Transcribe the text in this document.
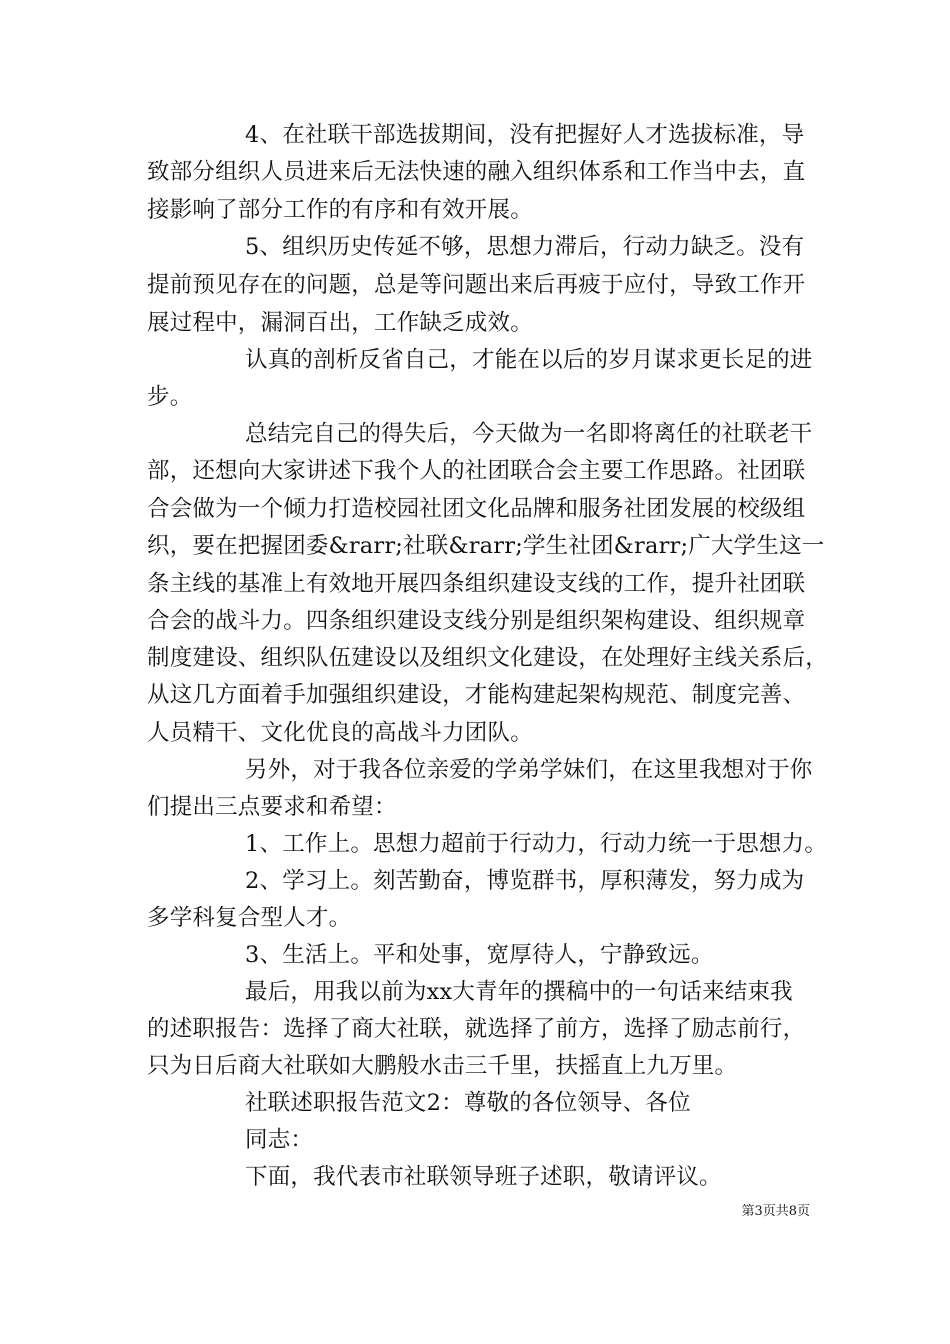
4、在社联干部选拔期间，没有把握好人才选拔标准，导
致部分组织人员进来后无法快速的融入组织体系和工作当中去，直
接影响了部分工作的有序和有效开展。
5、组织历史传延不够，思想力滞后，行动力缺乏。没有
提前预见存在的问题，总是等问题出来后再疲于应付，导致工作开
展过程中，漏洞百出，工作缺乏成效。
认真的剖析反省自己，才能在以后的岁月谋求更长足的进
步。
总结完自己的得失后，今天做为一名即将离任的社联老干
部，还想向大家讲述下我个人的社团联合会主要工作思路。社团联
合会做为一个倾力打造校园社团文化品牌和服务社团发展的校级组
织，要在把握团委&rarr;社联&rarr;学生社团&rarr;广大学生这一
条主线的基准上有效地开展四条组织建设支线的工作，提升社团联
合会的战斗力。四条组织建设支线分别是组织架构建设、组织规章
制度建设、组织队伍建设以及组织文化建设，在处理好主线关系后，
从这几方面着手加强组织建设，才能构建起架构规范、制度完善、
人员精干、文化优良的高战斗力团队。
另外，对于我各位亲爱的学弟学妹们，在这里我想对于你
们提出三点要求和希望：
1、工作上。思想力超前于行动力，行动力统一于思想力。
2、学习上。刻苦勤奋，博览群书，厚积薄发，努力成为
多学科复合型人才。
3、生活上。平和处事，宽厚待人，宁静致远。
最后，用我以前为xx大青年的撰稿中的一句话来结束我
的述职报告：选择了商大社联，就选择了前方，选择了励志前行，
只为日后商大社联如大鹏般水击三千里，扶摇直上九万里。
社联述职报告范文2：尊敬的各位领导、各位
同志：
下面，我代表市社联领导班子述职，敬请评议。
第3页共8页
